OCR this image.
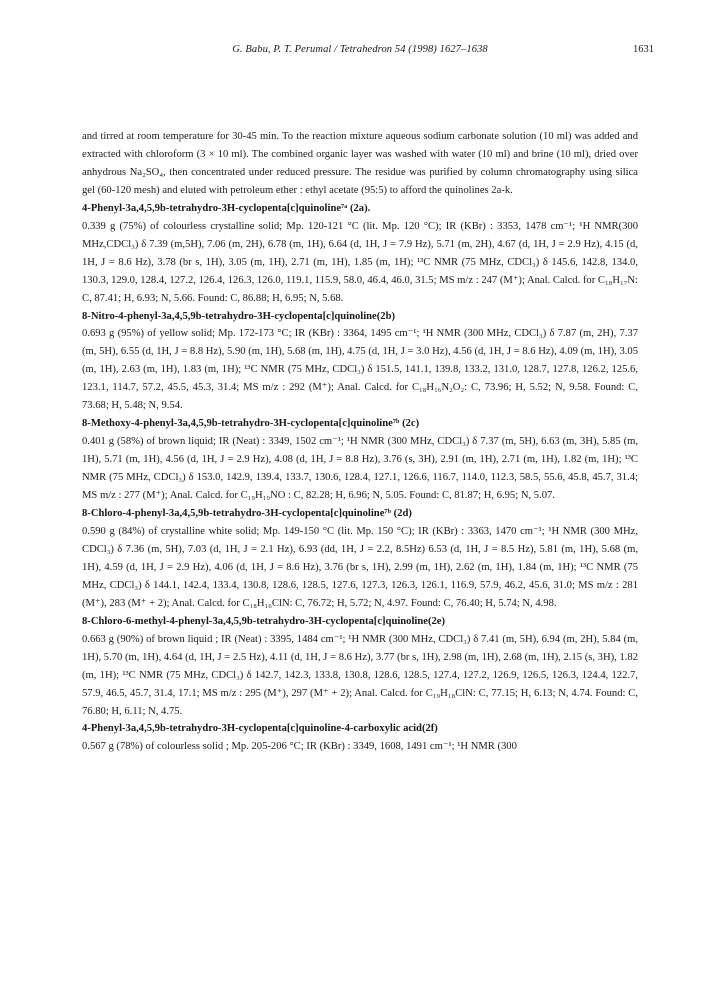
G. Babu, P. T. Perumal / Tetrahedron 54 (1998) 1627–1638	1631

and tirred at room temperature for 30-45 min. To the reaction mixture aqueous sodium carbonate solution (10 ml) was added and extracted with chloroform (3 × 10 ml). The combined organic layer was washed with water (10 ml) and brine (10 ml), dried over anhydrous Na₂SO₄, then concentrated under reduced pressure. The residue was purified by column chromatography using silica gel (60-120 mesh) and eluted with petroleum ether : ethyl acetate (95:5) to afford the quinolines 2a-k.

4-Phenyl-3a,4,5,9b-tetrahydro-3H-cyclopenta[c]quinoline⁷ᵃ (2a).

0.339 g (75%) of colourless crystalline solid; Mp. 120-121 °C (lit. Mp. 120 °C); IR (KBr) : 3353, 1478 cm⁻¹; ¹H NMR(300 MHz,CDCl₃) δ 7.39 (m,5H), 7.06 (m, 2H), 6.78 (m, 1H), 6.64 (d, 1H, J = 7.9 Hz), 5.71 (m, 2H), 4.67 (d, 1H, J = 2.9 Hz), 4.15 (d, 1H, J = 8.6 Hz), 3.78 (br s, 1H), 3.05 (m, 1H), 2.71 (m, 1H), 1.85 (m, 1H); ¹³C NMR (75 MHz, CDCl₃) δ 145.6, 142.8, 134.0, 130.3, 129.0, 128.4, 127.2, 126.4, 126.3, 126.0, 119.1, 115.9, 58.0, 46.4, 46.0, 31.5; MS m/z : 247 (M⁺); Anal. Calcd. for C₁₈H₁₇N: C, 87.41; H, 6.93; N, 5.66. Found: C, 86.88; H, 6.95; N, 5.68.

8-Nitro-4-phenyl-3a,4,5,9b-tetrahydro-3H-cyclopenta[c]quinoline(2b)

0.693 g (95%) of yellow solid; Mp. 172-173 °C; IR (KBr) : 3364, 1495 cm⁻¹; ¹H NMR (300 MHz, CDCl₃) δ 7.87 (m, 2H), 7.37 (m, 5H), 6.55 (d, 1H, J = 8.8 Hz), 5.90 (m, 1H), 5.68 (m, 1H), 4.75 (d, 1H, J = 3.0 Hz), 4.56 (d, 1H, J = 8.6 Hz), 4.09 (m, 1H), 3.05 (m, 1H), 2.63 (m, 1H), 1.83 (m, 1H); ¹³C NMR (75 MHz, CDCl₃) δ 151.5, 141.1, 139.8, 133.2, 131.0, 128.7, 127.8, 126.2, 125.6, 123.1, 114.7, 57.2, 45.5, 45.3, 31.4; MS m/z : 292 (M⁺); Anal. Calcd. for C₁₈H₁₆N₂O₂: C, 73.96; H, 5.52; N, 9.58. Found: C, 73.68; H, 5.48; N, 9.54.

8-Methoxy-4-phenyl-3a,4,5,9b-tetrahydro-3H-cyclopenta[c]quinoline⁷ᵇ (2c)

0.401 g (58%) of brown liquid; IR (Neat) : 3349, 1502 cm⁻¹; ¹H NMR (300 MHz, CDCl₃) δ 7.37 (m, 5H), 6.63 (m, 3H), 5.85 (m, 1H), 5.71 (m, 1H), 4.56 (d, 1H, J = 2.9 Hz), 4.08 (d, 1H, J = 8.8 Hz), 3.76 (s, 3H), 2.91 (m, 1H), 2.71 (m, 1H), 1.82 (m, 1H); ¹³C NMR (75 MHz, CDCl₃) δ 153.0, 142.9, 139.4, 133.7, 130.6, 128.4, 127.1, 126.6, 116.7, 114.0, 112.3, 58.5, 55.6, 45.8, 45.7, 31.4; MS m/z : 277 (M⁺); Anal. Calcd. for C₁₉H₁₉NO : C, 82.28; H, 6.96; N, 5.05. Found: C, 81.87; H, 6.95; N, 5.07.

8-Chloro-4-phenyl-3a,4,5,9b-tetrahydro-3H-cyclopenta[c]quinoline⁷ᵇ (2d)

0.590 g (84%) of crystalline white solid; Mp. 149-150 °C (lit. Mp. 150 °C); IR (KBr) : 3363, 1470 cm⁻¹; ¹H NMR (300 MHz, CDCl₃) δ 7.36 (m, 5H), 7.03 (d, 1H, J = 2.1 Hz), 6.93 (dd, 1H, J = 2.2, 8.5Hz) 6.53 (d, 1H, J = 8.5 Hz), 5.81 (m, 1H), 5.68 (m, 1H), 4.59 (d, 1H, J = 2.9 Hz), 4.06 (d, 1H, J = 8.6 Hz), 3.76 (br s, 1H), 2.99 (m, 1H), 2.62 (m, 1H), 1.84 (m, 1H); ¹³C NMR (75 MHz, CDCl₃) δ 144.1, 142.4, 133.4, 130.8, 128.6, 128.5, 127.6, 127.3, 126.3, 126.1, 116.9, 57.9, 46.2, 45.6, 31.0; MS m/z : 281 (M⁺), 283 (M⁺ + 2); Anal. Calcd. for C₁₈H₁₆ClN: C, 76.72; H, 5.72; N, 4.97. Found: C, 76.40; H, 5.74; N, 4.98.

8-Chloro-6-methyl-4-phenyl-3a,4,5,9b-tetrahydro-3H-cyclopenta[c]quinoline(2e)

0.663 g (90%) of brown liquid ; IR (Neat) : 3395, 1484 cm⁻¹; ¹H NMR (300 MHz, CDCl₃) δ 7.41 (m, 5H), 6.94 (m, 2H), 5.84 (m, 1H), 5.70 (m, 1H), 4.64 (d, 1H, J = 2.5 Hz), 4.11 (d, 1H, J = 8.6 Hz), 3.77 (br s, 1H), 2.98 (m, 1H), 2.68 (m, 1H), 2.15 (s, 3H), 1.82 (m, 1H); ¹³C NMR (75 MHz, CDCl₃) δ 142.7, 142.3, 133.8, 130.8, 128.6, 128.5, 127.4, 127.2, 126.9, 126.5, 126.3, 124.4, 122.7, 57.9, 46.5, 45.7, 31.4, 17.1; MS m/z : 295 (M⁺), 297 (M⁺ + 2); Anal. Calcd. for C₁₉H₁₈ClN: C, 77.15; H, 6.13; N, 4.74. Found: C, 76.80; H, 6.11; N, 4.75.

4-Phenyl-3a,4,5,9b-tetrahydro-3H-cyclopenta[c]quinoline-4-carboxylic acid(2f)

0.567 g (78%) of colourless solid ; Mp. 205-206 °C; IR (KBr) : 3349, 1608, 1491 cm⁻¹; ¹H NMR (300
